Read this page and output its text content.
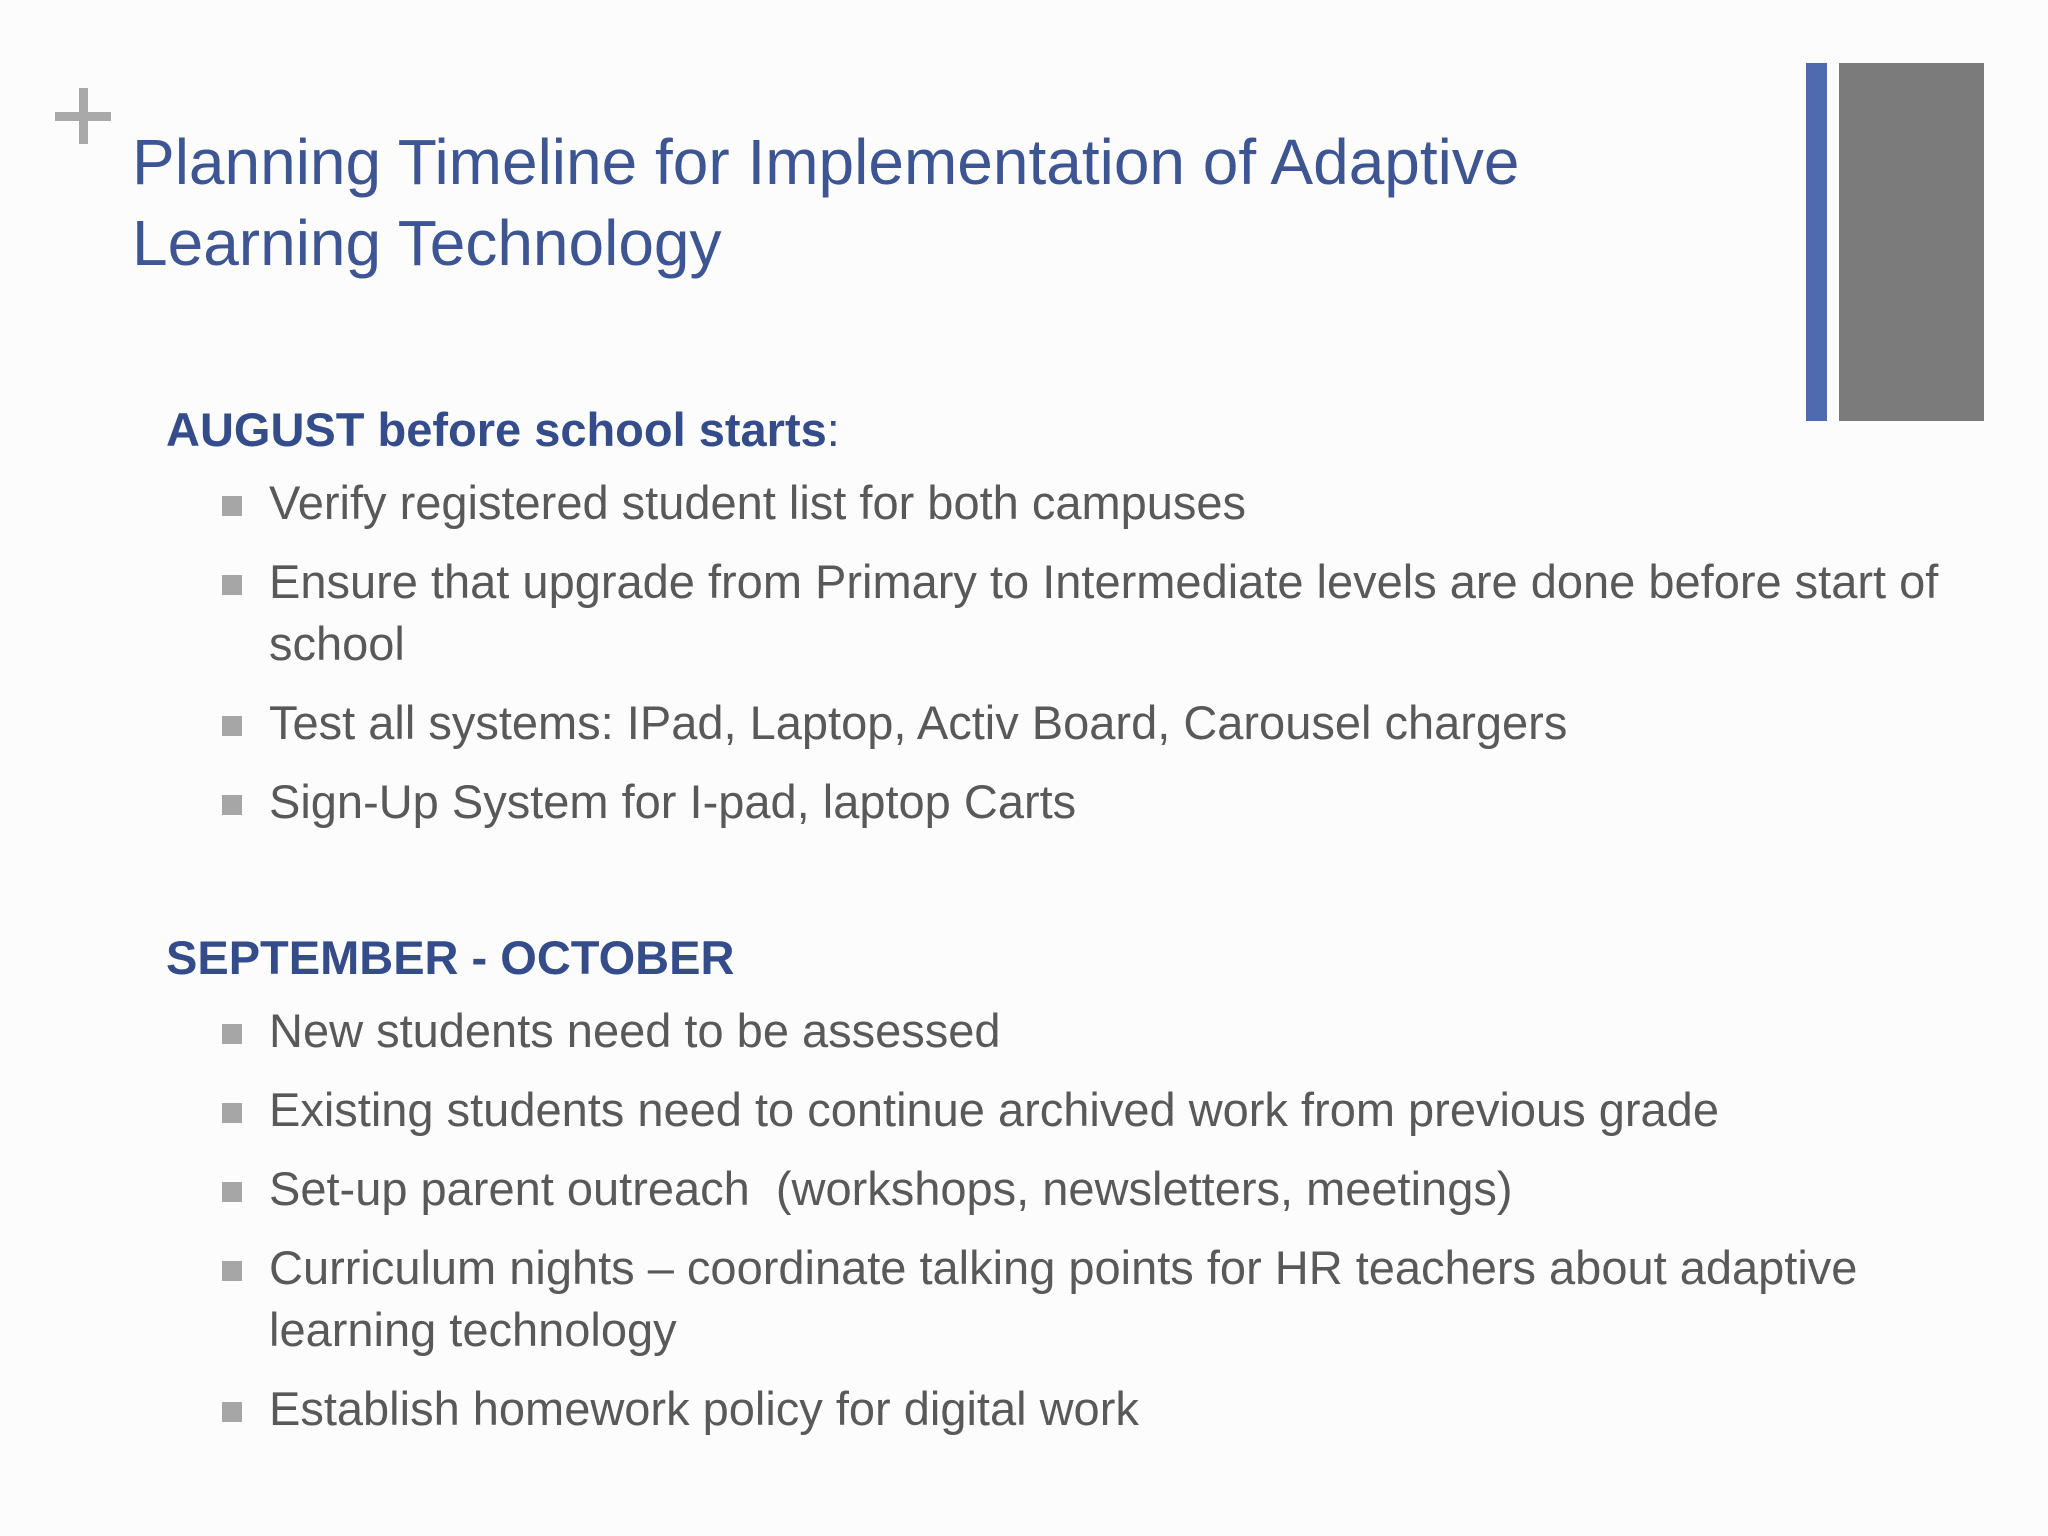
Planning Timeline for Implementation of Adaptive Learning Technology
AUGUST before school starts:
Verify registered student list for both campuses
Ensure that upgrade from Primary to Intermediate levels are done before start of school
Test all systems: IPad, Laptop, Activ Board, Carousel chargers
Sign-Up System for I-pad, laptop Carts
SEPTEMBER - OCTOBER
New students need to be assessed
Existing students need to continue archived work from previous grade
Set-up parent outreach  (workshops, newsletters, meetings)
Curriculum nights – coordinate talking points for HR teachers about adaptive learning technology
Establish homework policy for digital work
